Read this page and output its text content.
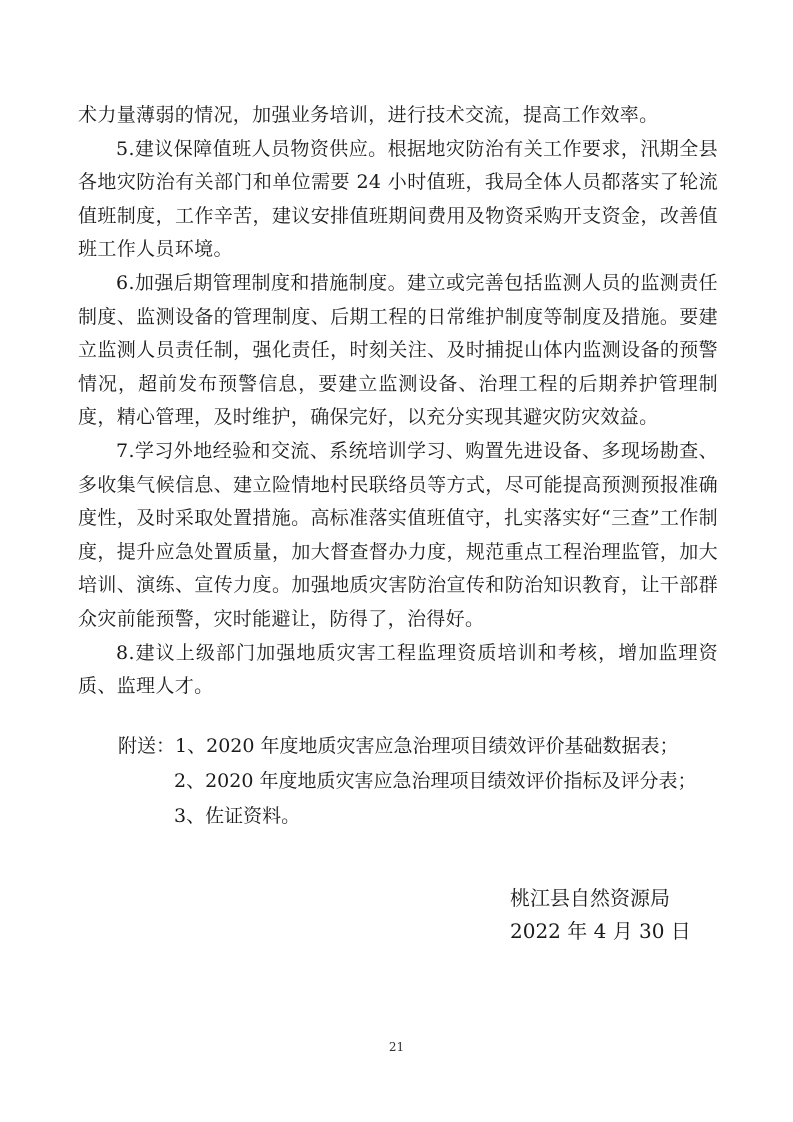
术力量薄弱的情况，加强业务培训，进行技术交流，提高工作效率。

5.建议保障值班人员物资供应。根据地灾防治有关工作要求，汛期全县各地灾防治有关部门和单位需要 24 小时值班，我局全体人员都落实了轮流值班制度，工作辛苦，建议安排值班期间费用及物资采购开支资金，改善值班工作人员环境。

6.加强后期管理制度和措施制度。建立或完善包括监测人员的监测责任制度、监测设备的管理制度、后期工程的日常维护制度等制度及措施。要建立监测人员责任制，强化责任，时刻关注、及时捕捉山体内监测设备的预警情况，超前发布预警信息，要建立监测设备、治理工程的后期养护管理制度，精心管理，及时维护，确保完好，以充分实现其避灾防灾效益。

7.学习外地经验和交流、系统培训学习、购置先进设备、多现场勘查、多收集气候信息、建立险情地村民联络员等方式，尽可能提高预测预报准确度性，及时采取处置措施。高标准落实值班值守，扎实落实好“三查”工作制度，提升应急处置质量，加大督查督办力度，规范重点工程治理监管，加大培训、演练、宣传力度。加强地质灾害防治宣传和防治知识教育，让干部群众灾前能预警，灾时能避让，防得了，治得好。

8.建议上级部门加强地质灾害工程监理资质培训和考核，增加监理资质、监理人才。

附送：1、2020 年度地质灾害应急治理项目绩效评价基础数据表；
2、2020 年度地质灾害应急治理项目绩效评价指标及评分表；
3、佐证资料。
桃江县自然资源局
2022 年 4 月 30 日
21
